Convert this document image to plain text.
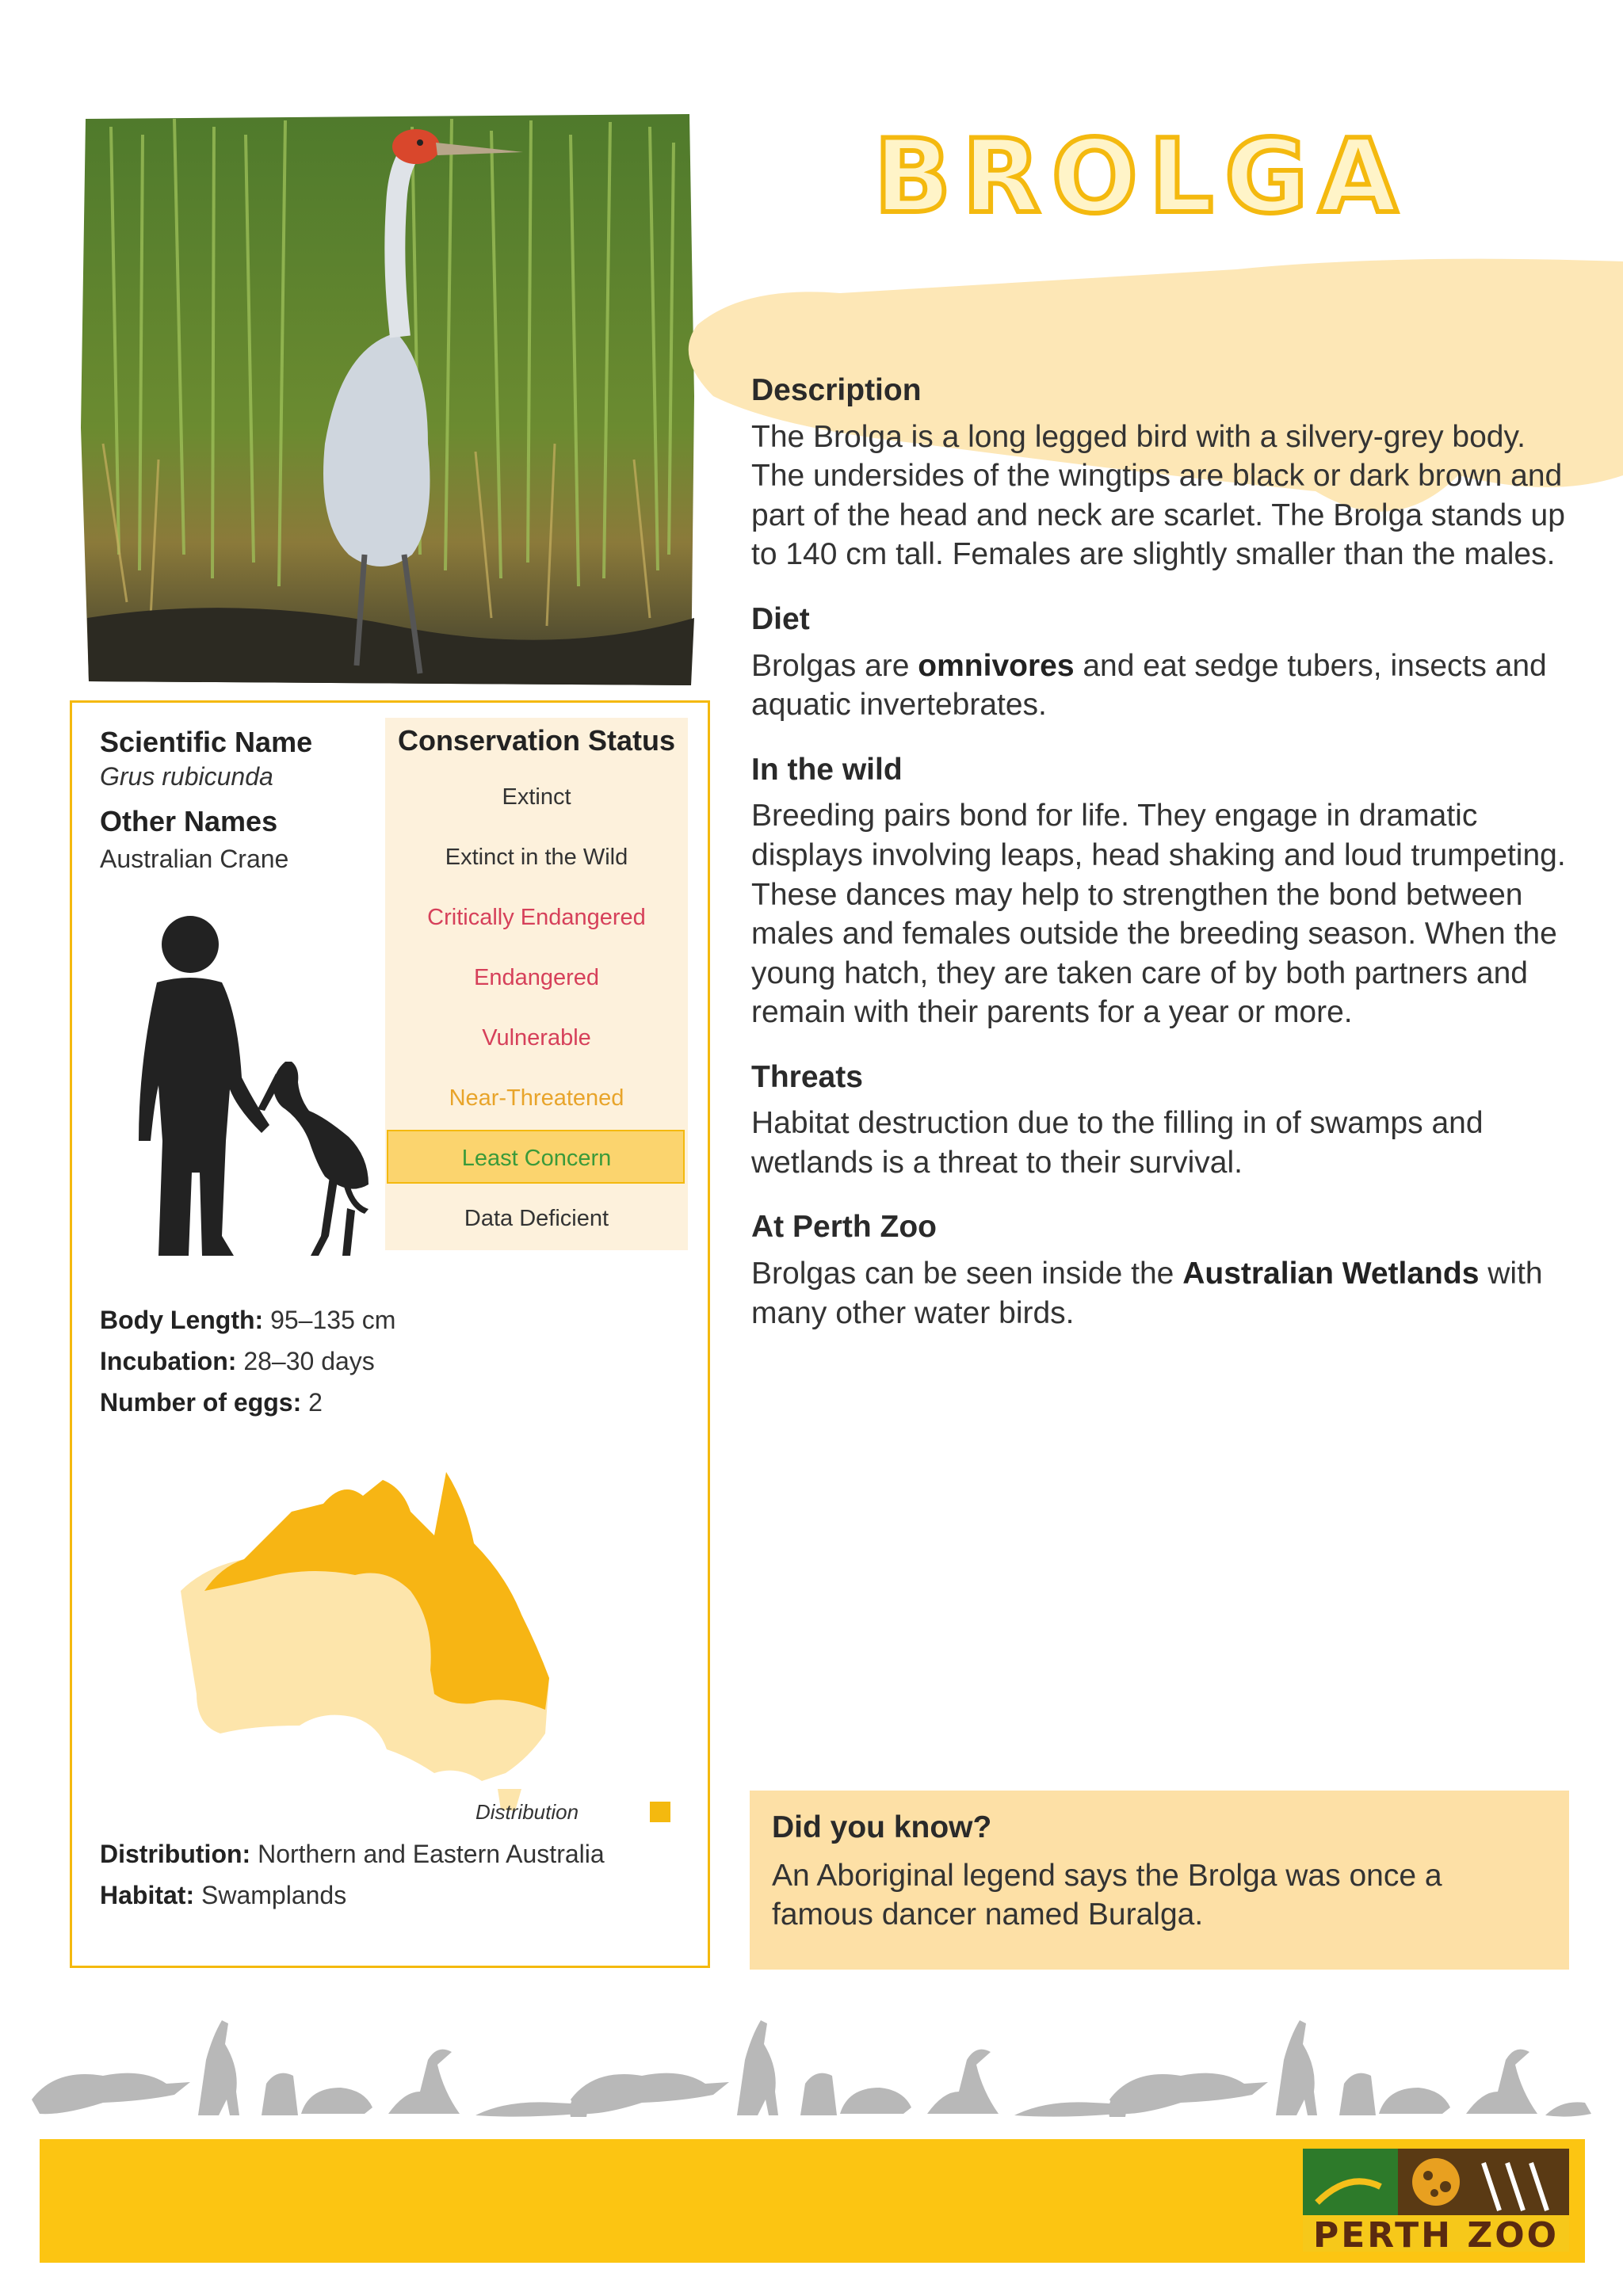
BROLGA
Description
The Brolga is a long legged bird with a silvery-grey body. The undersides of the wingtips are black or dark brown and part of the head and neck are scarlet. The Brolga stands up to 140 cm tall. Females are slightly smaller than the males.
Diet
Brolgas are omnivores and eat sedge tubers, insects and aquatic invertebrates.
In the wild
Breeding pairs bond for life. They engage in dramatic displays involving leaps, head shaking and loud trumpeting. These dances may help to strengthen the bond between males and females outside the breeding season. When the young hatch, they are taken care of by both partners and remain with their parents for a year or more.
Threats
Habitat destruction due to the filling in of swamps and wetlands is a threat to their survival.
At Perth Zoo
Brolgas can be seen inside the Australian Wetlands with many other water birds.
Scientific Name
Grus rubicunda
Other Names
Australian Crane
Conservation Status
Extinct
Extinct in the Wild
Critically Endangered
Endangered
Vulnerable
Near-Threatened
Least Concern
Data Deficient
Body Length: 95–135 cm
Incubation: 28–30 days
Number of eggs: 2
Distribution
Distribution: Northern and Eastern Australia
Habitat: Swamplands
Did you know?
An Aboriginal legend says the Brolga was once a famous dancer named Buralga.
PERTH ZOO
